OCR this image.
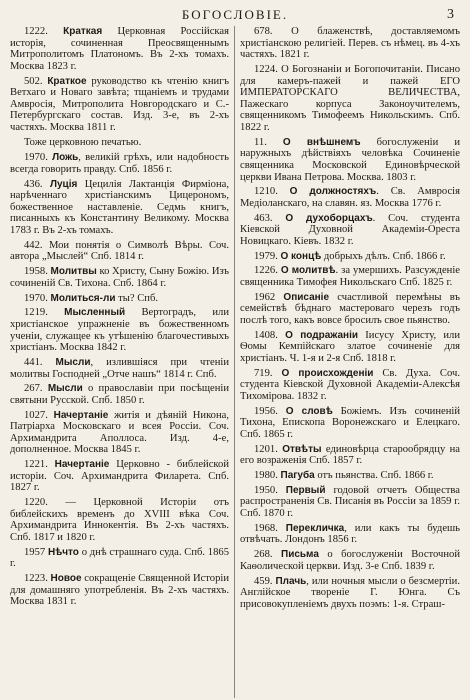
БОГОСЛОВІЕ.	3

1222. Краткая Церковная Россійская исторія, сочиненная Преосвященнымъ Митрополитомъ Платономъ. Въ 2-хъ томахъ. Москва 1823 г.

502. Краткое руководство къ чтенію книгъ Ветхаго и Новаго завѣта; тщаніемъ и трудами Амвросія, Митрополита Новгородскаго и С.-Петербургскаго состав. Изд. 3-е, въ 2-хъ частяхъ. Москва 1811 г.

Тоже церковною печатью.

1970. Ложь, великій грѣхъ, или надобность всегда говорить правду. Спб. 1856 г.

436. Луція Цецилія Лактанція Фирміона, нарѣченнаго христіанскимъ Цицерономъ, божественное наставленіе. Седмь книгъ, писанныхъ къ Константину Великому. Москва 1783 г. Въ 2-хъ томахъ.

442. Мои понятія о Символѣ Вѣры. Соч. автора „Мыслей“ Спб. 1814 г.

1958. Молитвы ко Христу, Сыну Божію. Изъ сочиненій Св. Тихона. Спб. 1864 г.

1970. Молиться-ли ты? Спб.

1219. Мысленный Вертоградъ, или христіанское упражненіе въ божественномъ ученіи, служащее къ утѣшенію благочестивыхъ христіанъ. Москва 1842 г.

441. Мысли, излившіяся при чтеніи молитвы Господней „Отче нашъ“ 1814 г. Спб.

267. Мысли о православіи при посѣщеніи святыни Русской. Спб. 1850 г.

1027. Начертаніе житія и дѣяній Никона, Патріарха Московскаго и всея Россіи. Соч. Архимандрита Аполлоса. Изд. 4-е, дополненное. Москва 1845 г.

1221. Начертаніе Церковно - библейской исторіи. Соч. Архимандрита Филарета. Спб. 1827 г.

1220. — Церковной Исторіи отъ библейскихъ временъ до XVIII вѣка Соч. Архимандрита Иннокентія. Въ 2-хъ частяхъ. Спб. 1817 и 1820 г.

1957 Нѣчто о днѣ страшнаго суда. Спб. 1865 г.

1223. Новое сокращеніе Священной Исторіи для домашняго употребленія. Въ 2-хъ частяхъ. Москва 1831 г.

678. О блаженствѣ, доставляемомъ христіанскою религіей. Перев. съ нѣмец. въ 4-хъ частяхъ. 1821 г.

1224. О Богознаніи и Богопочитаніи. Писано для камеръ-пажей и пажей ЕГО ИМПЕРАТОРСКАГО ВЕЛИЧЕСТВА, Пажескаго корпуса Законоучителемъ, священникомъ Тимофеемъ Никольскимъ. Спб. 1822 г.

11. О внѣшнемъ богослуженіи и наружныхъ дѣйствіяхъ человѣка Сочиненіе священника Московской Единовѣрческой церкви Ивана Петрова. Москва. 1803 г.

1210. О должностяхъ. Св. Амвросія Медіоланскаго, на славян. яз. Москва 1776 г.

463. О духоборцахъ. Соч. студента Кіевской Духовной Академіи-Ореста Новицкаго. Кіевъ. 1832 г.

1979. О концѣ добрыхъ дѣлъ. Спб. 1866 г.

1226. О молитвѣ. за умершихъ. Разсужденіе священника Тимофея Никольскаго Спб. 1825 г.

1962 Описаніе счастливой перемѣны въ семействѣ бѣднаго мастероваго черезъ годъ послѣ того, какъ вовсе бросилъ свое пьянство.

1408. О подражаніи Іисусу Христу, или Ѳомы Кемпійскаго златое сочиненіе для христіанъ. Ч. 1-я и 2-я Спб. 1818 г.

719. О происхожденіи Св. Духа. Соч. студента Кіевской Духовной Академіи-Алексѣя Тихомірова. 1832 г.

1956. О словѣ Божіемъ. Изъ сочиненій Тихона, Епископа Воронежскаго и Елецкаго. Спб. 1865 г.

1201. Отвѣты единовѣрца старообрядцу на его возраженія Спб. 1857 г.

1980. Пагуба отъ пьянства. Спб. 1866 г.

1950. Первый годовой отчетъ Общества распространенія Св. Писанія въ Россіи за 1859 г. Спб. 1870 г.

1968. Перекличка, или какъ ты будешь отвѣчать. Лондонъ 1856 г.

268. Письма о богослуженіи Восточной Каѳолической церкви. Изд. 3-е Спб. 1839 г.

459. Плачь, или ночныя мысли о безсмертіи. Англійское твореніе Г. Юнга. Съ присовокупленіемъ двухъ поэмъ: 1-я. Страш-
